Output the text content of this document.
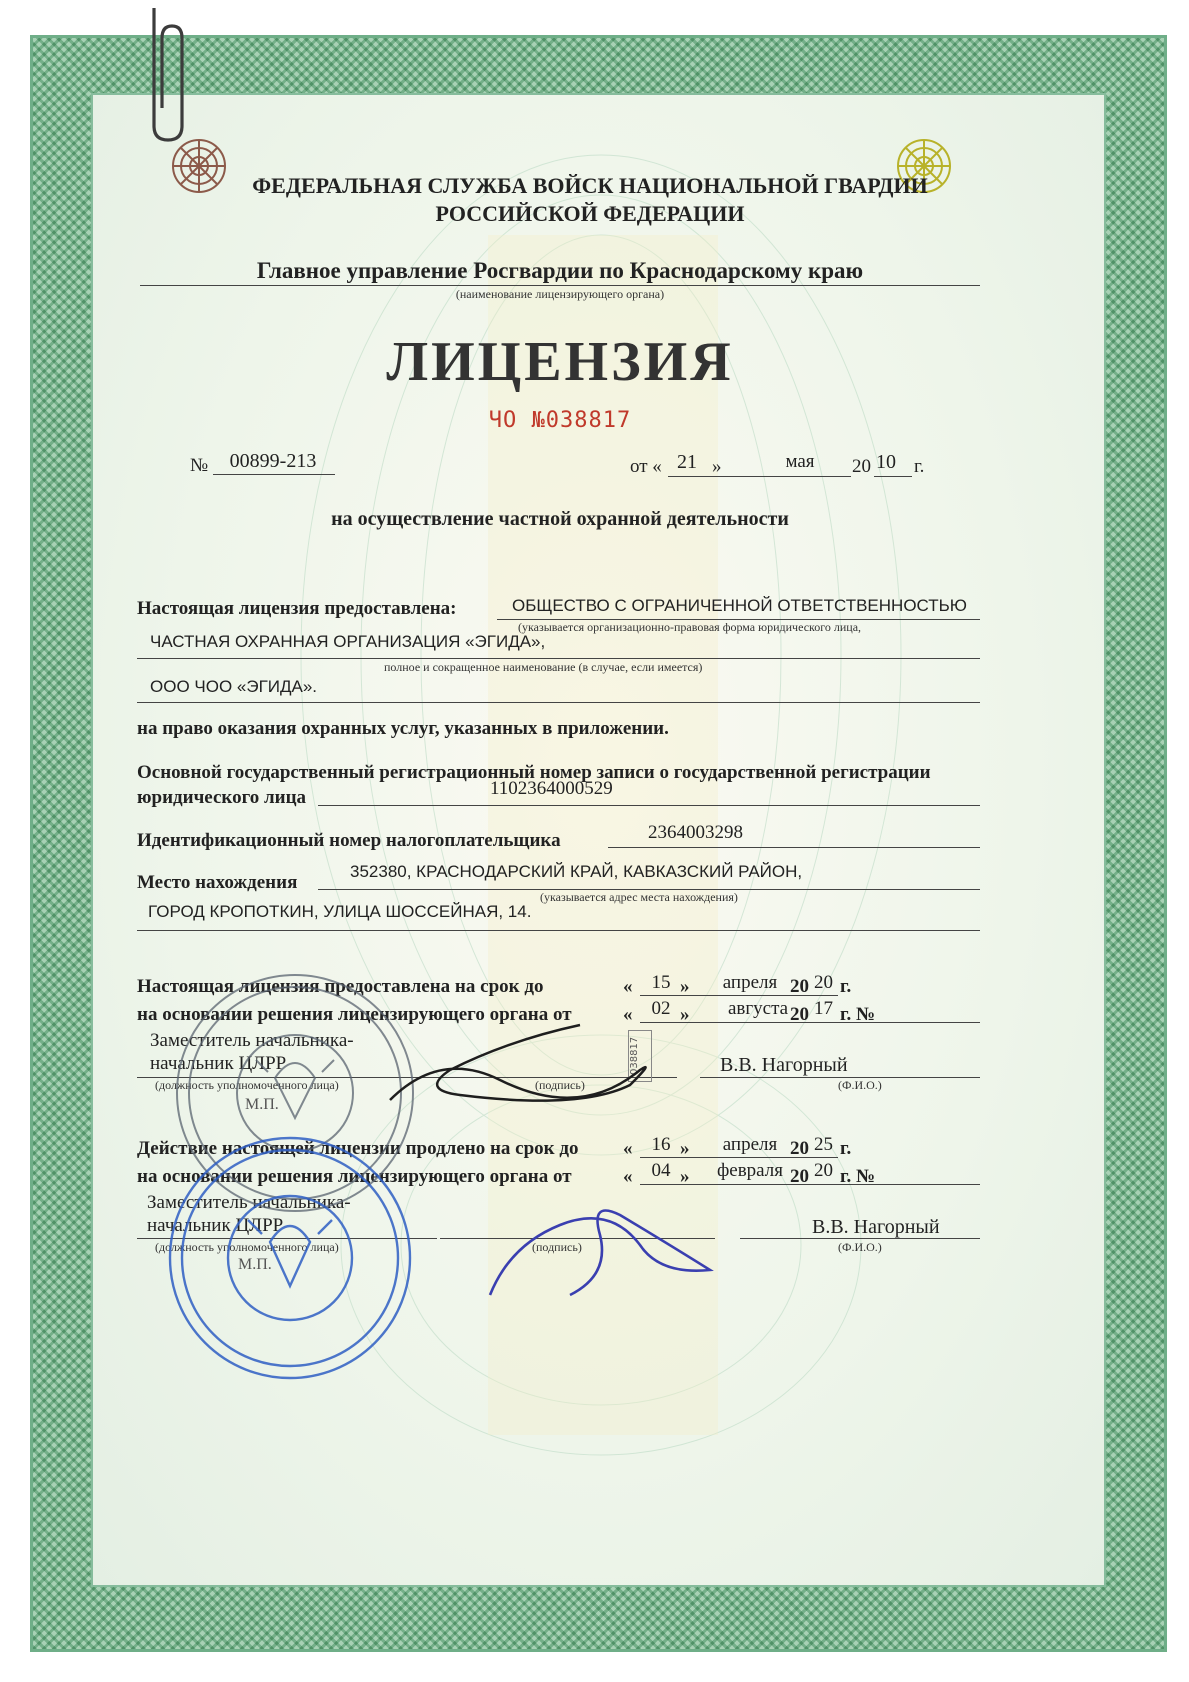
ФЕДЕРАЛЬНАЯ СЛУЖБА ВОЙСК НАЦИОНАЛЬНОЙ ГВАРДИИ
РОССИЙСКОЙ ФЕДЕРАЦИИ
Главное управление Росгвардии по Краснодарскому краю
(наименование лицензирующего органа)
ЛИЦЕНЗИЯ
ЧО №038817
№	00899-213	от « 21 »	мая	20 10 г.
на осуществление частной охранной деятельности
Настоящая лицензия предоставлена:	ОБЩЕСТВО С ОГРАНИЧЕННОЙ ОТВЕТСТВЕННОСТЬЮ
(указывается организационно-правовая форма юридического лица,
ЧАСТНАЯ ОХРАННАЯ ОРГАНИЗАЦИЯ «ЭГИДА»,
полное и сокращенное наименование (в случае, если имеется)
ООО ЧОО «ЭГИДА».
на право оказания охранных услуг, указанных в приложении.
Основной государственный регистрационный номер записи о государственной регистрации
юридического лица	1102364000529
Идентификационный номер налогоплательщика	2364003298
Место нахождения
352380, КРАСНОДАРСКИЙ КРАЙ, КАВКАЗСКИЙ РАЙОН,
(указывается адрес места нахождения)
ГОРОД КРОПОТКИН, УЛИЦА ШОССЕЙНАЯ, 14.
Настоящая лицензия предоставлена на срок до	«	15 »	апреля 20 20 г.
на основании решения лицензирующего органа от	«	02 »	августа 20 17 г. №
Заместитель начальника-
начальник ЦЛРР
(должность уполномоченного лица)	(подпись)
В.В. Нагорный
(Ф.И.О.)
М.П.
Действие настоящей лицензии продлено на срок до «	16 »	апреля 20 25 г.
на основании решения лицензирующего органа от	«	04 »	февраля 20 20 г. №
Заместитель начальника-
начальник ЦЛРР
(должность уполномоченного лица)	(подпись)
В.В. Нагорный
(Ф.И.О.)
М.П.
038817
